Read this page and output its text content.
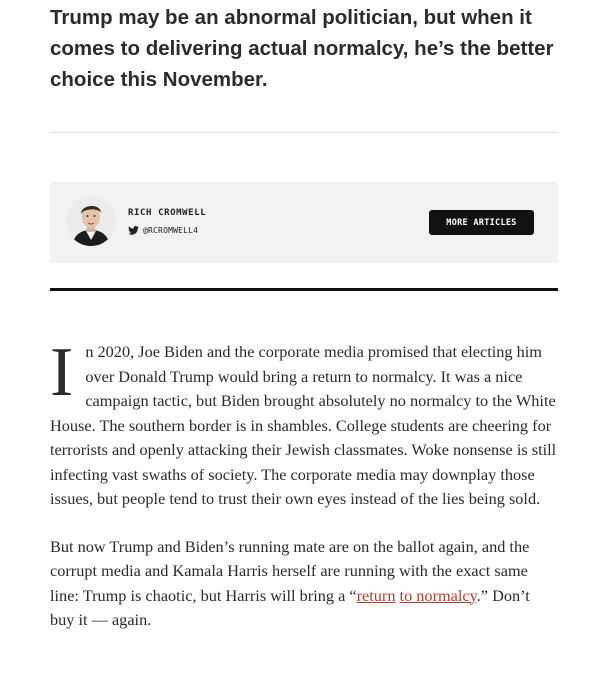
Trump may be an abnormal politician, but when it comes to delivering actual normalcy, he’s the better choice this November.
RICH CROMWELL
@RCROMWELL4
MORE ARTICLES

In 2020, Joe Biden and the corporate media promised that electing him over Donald Trump would bring a return to normalcy. It was a nice campaign tactic, but Biden brought absolutely no normalcy to the White House. The southern border is in shambles. College students are cheering for terrorists and openly attacking their Jewish classmates. Woke nonsense is still infecting vast swaths of society. The corporate media may downplay those issues, but people tend to trust their own eyes instead of the lies being sold.

But now Trump and Biden’s running mate are on the ballot again, and the corrupt media and Kamala Harris herself are running with the exact same line: Trump is chaotic, but Harris will bring a “return to normalcy.” Don’t buy it — again.
